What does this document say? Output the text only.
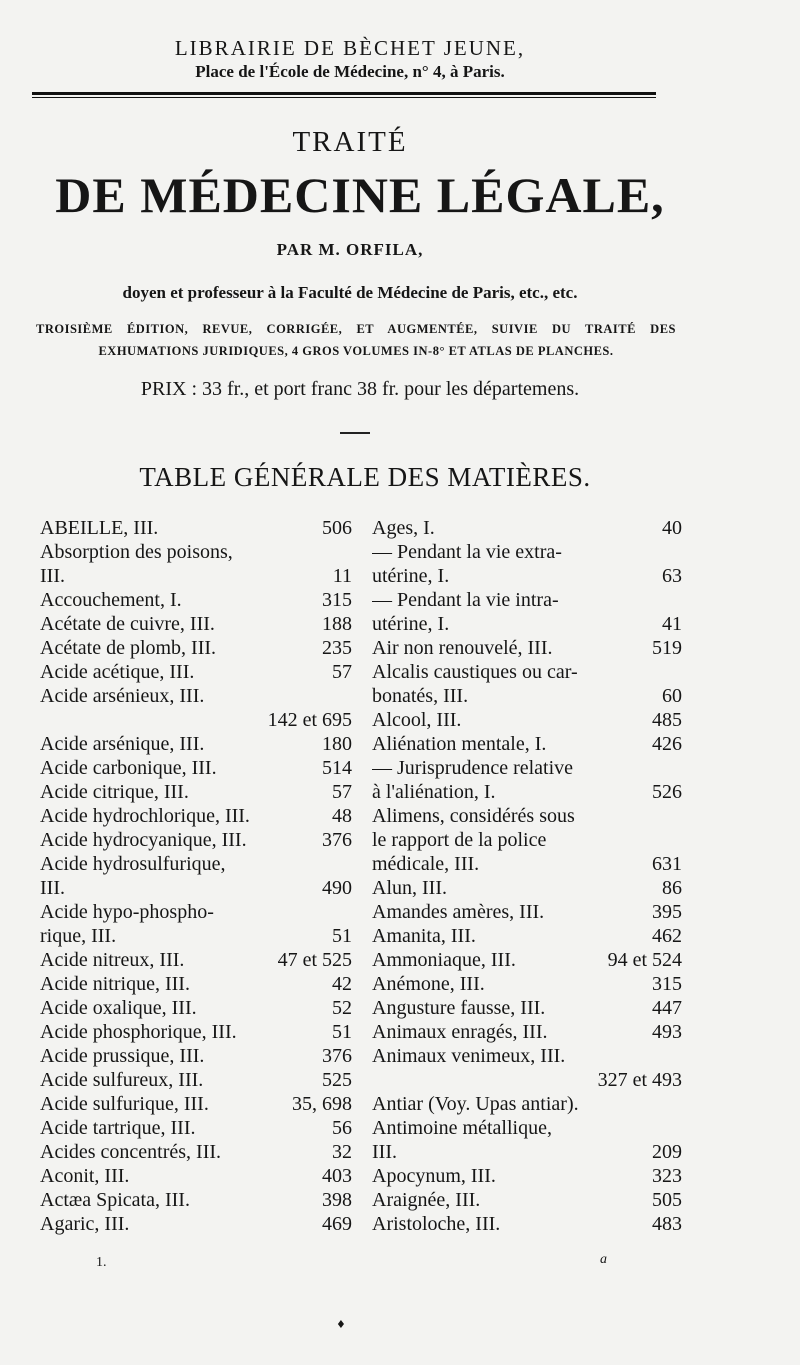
LIBRAIRIE DE BÈCHET JEUNE,
Place de l'École de Médecine, n° 4, à Paris.
TRAITÉ
DE MÉDECINE LÉGALE,
PAR M. ORFILA,
doyen et professeur à la Faculté de Médecine de Paris, etc., etc.
TROISIÈME ÉDITION, REVUE, CORRIGÉE, ET AUGMENTÉE, SUIVIE DU TRAITÉ DES EXHUMATIONS JURIDIQUES, 4 GROS VOLUMES IN-8° ET ATLAS DE PLANCHES.
PRIX : 33 fr., et port franc 38 fr. pour les départemens.
TABLE GÉNÉRALE DES MATIÈRES.
ABEILLE, III.	506
Absorption des poisons,
III.	11
Accouchement, I.	315
Acétate de cuivre, III.	188
Acétate de plomb, III.	235
Acide acétique, III.	57
Acide arsénieux, III.
142 et 695
Acide arsénique, III.	180
Acide carbonique, III.	514
Acide citrique, III.	57
Acide hydrochlorique, III.	48
Acide hydrocyanique, III.	376
Acide hydrosulfurique,
III.	490
Acide hypo-phospho-
rique, III.	51
Acide nitreux, III.	47 et 525
Acide nitrique, III.	42
Acide oxalique, III.	52
Acide phosphorique, III.	51
Acide prussique, III.	376
Acide sulfureux, III.	525
Acide sulfurique, III.	35, 698
Acide tartrique, III.	56
Acides concentrés, III.	32
Aconit, III.	403
Actæa Spicata, III.	398
Agaric, III.	469
Ages, I.	40
— Pendant la vie extra-
utérine, I.	63
— Pendant la vie intra-
utérine, I.	41
Air non renouvelé, III.	519
Alcalis caustiques ou car-
bonatés, III.	60
Alcool, III.	485
Aliénation mentale, I.	426
— Jurisprudence relative
à l'aliénation, I.	526
Alimens, considérés sous
le rapport de la police
médicale, III.	631
Alun, III.	86
Amandes amères, III.	395
Amanita, III.	462
Ammoniaque, III.	94 et 524
Anémone, III.	315
Angusture fausse, III.	447
Animaux enragés, III.	493
Animaux venimeux, III.
327 et 493
Antiar (Voy. Upas antiar).
Antimoine métallique,
III.	209
Apocynum, III.	323
Araignée, III.	505
Aristoloche, III.	483
1.	a
♦
